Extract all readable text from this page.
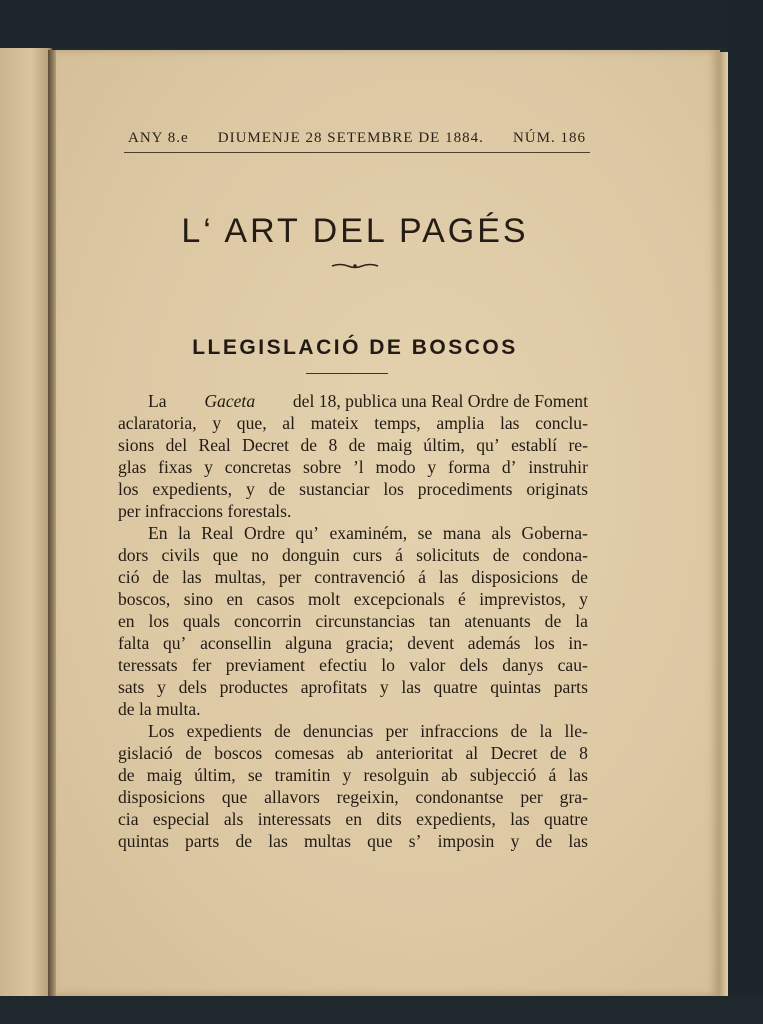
ANY 8.e DIUMENJE 28 SETEMBRE DE 1884. NÚM. 186
L‘ ART DEL PAGÉS
LLEGISLACIÓ DE BOSCOS
La Gaceta del 18, publica una Real Ordre de Foment
aclaratoria, y que, al mateix temps, amplia las conclu-
sions del Real Decret de 8 de maig últim, qu’ establí re-
glas fixas y concretas sobre ’l modo y forma d’ instruhir
los expedients, y de sustanciar los procediments originats
per infraccions forestals.
En la Real Ordre qu’ examiném, se mana als Goberna-
dors civils que no donguin curs á solicituts de condona-
ció de las multas, per contravenció á las disposicions de
boscos, sino en casos molt excepcionals é imprevistos, y
en los quals concorrin circunstancias tan atenuants de la
falta qu’ aconsellin alguna gracia; devent además los in-
teressats fer previament efectiu lo valor dels danys cau-
sats y dels productes aprofitats y las quatre quintas parts
de la multa.
Los expedients de denuncias per infraccions de la lle-
gislació de boscos comesas ab anterioritat al Decret de 8
de maig últim, se tramitin y resolguin ab subjecció á las
disposicions que allavors regeixin, condonantse per gra-
cia especial als interessats en dits expedients, las quatre
quintas parts de las multas que s’ imposin y de las
